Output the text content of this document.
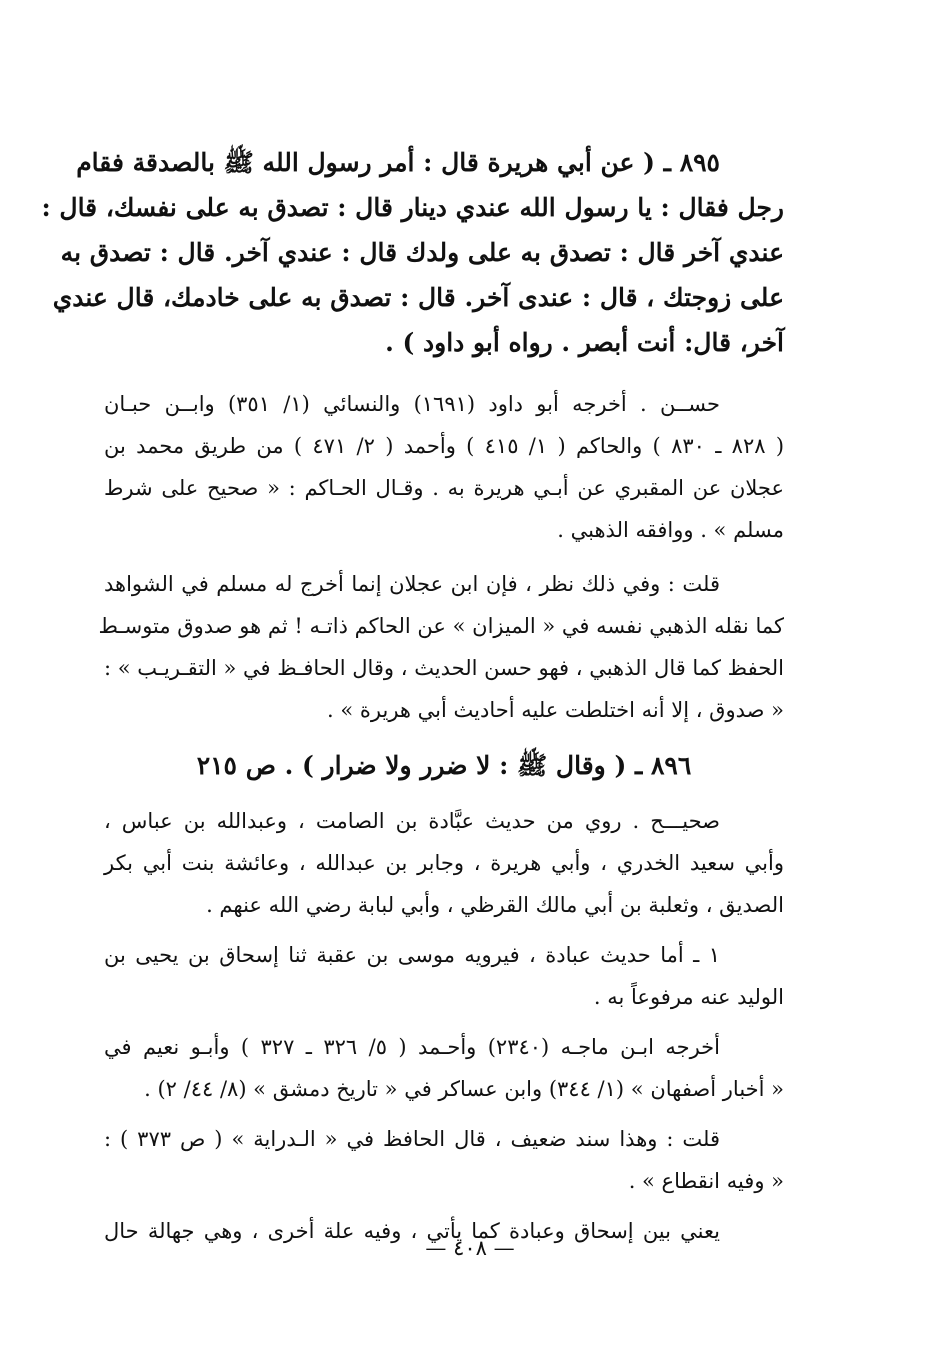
٨٩٥ ـ ( عن أبي هريرة قال : أمر رسول الله ﷺ بالصدقة فقام
رجل فقال : يا رسول الله عندي دينار قال : تصدق به على نفسك، قال :
عندي آخر قال : تصدق به على ولدك قال : عندي آخر. قال : تصدق به
على زوجتك ، قال : عندى آخر. قال : تصدق به على خادمك، قال عندي
آخر، قال: أنت أبصر . رواه أبو داود ) .
حســن . أخرجه أبو داود (١٦٩١) والنسائي (١/ ٣٥١) وابــن حبـان
( ٨٢٨ ـ ٨٣٠ ) والحاكم ( ١/ ٤١٥ ) وأحمد ( ٢/ ٤٧١ ) من طريق محمد بن
عجلان عن المقبري عن أبـي هريرة به . وقـال الحـاكم : « صحيح على شرط
مسلم » . ووافقه الذهبي .
قلت : وفي ذلك نظر ، فإن ابن عجلان إنما أخرج له مسلم في الشواهد
كما نقله الذهبي نفسه في « الميزان » عن الحاكم ذاتـه ! ثم هو صدوق متوسـط
الحفظ كما قال الذهبي ، فهو حسن الحديث ، وقال الحافـظ في « التقـريـب » :
« صدوق ، إلا أنه اختلطت عليه أحاديث أبي هريرة » .
٨٩٦ ـ ( وقال ﷺ : لا ضرر ولا ضرار ) . ص ٢١٥
صحيـــح . روي من حديث عبَّادة بن الصامت ، وعبدالله بن عباس ،
وأبي سعيد الخدري ، وأبي هريرة ، وجابر بن عبدالله ، وعائشة بنت أبي بكر
الصديق ، وثعلبة بن أبي مالك القرظي ، وأبي لبابة رضي الله عنهم .
١ ـ أما حديث عبادة ، فيرويه موسى بن عقبة ثنا إسحاق بن يحيى بن
الوليد عنه مرفوعاً به .
أخرجه ابـن ماجـه (٢٣٤٠) وأحـمد ( ٥/ ٣٢٦ ـ ٣٢٧ ) وأبـو نعيم في
« أخبار أصفهان » (١/ ٣٤٤) وابن عساكر في « تاريخ دمشق » (٨/ ٤٤/ ٢) .
قلت : وهذا سند ضعيف ، قال الحافظ في « الـدراية » ( ص ٣٧٣ ) :
« وفيه انقطاع » .
يعني بين إسحاق وعبادة كما يأتي ، وفيه علة أخرى ، وهي جهالة حال
— ٤٠٨ —
